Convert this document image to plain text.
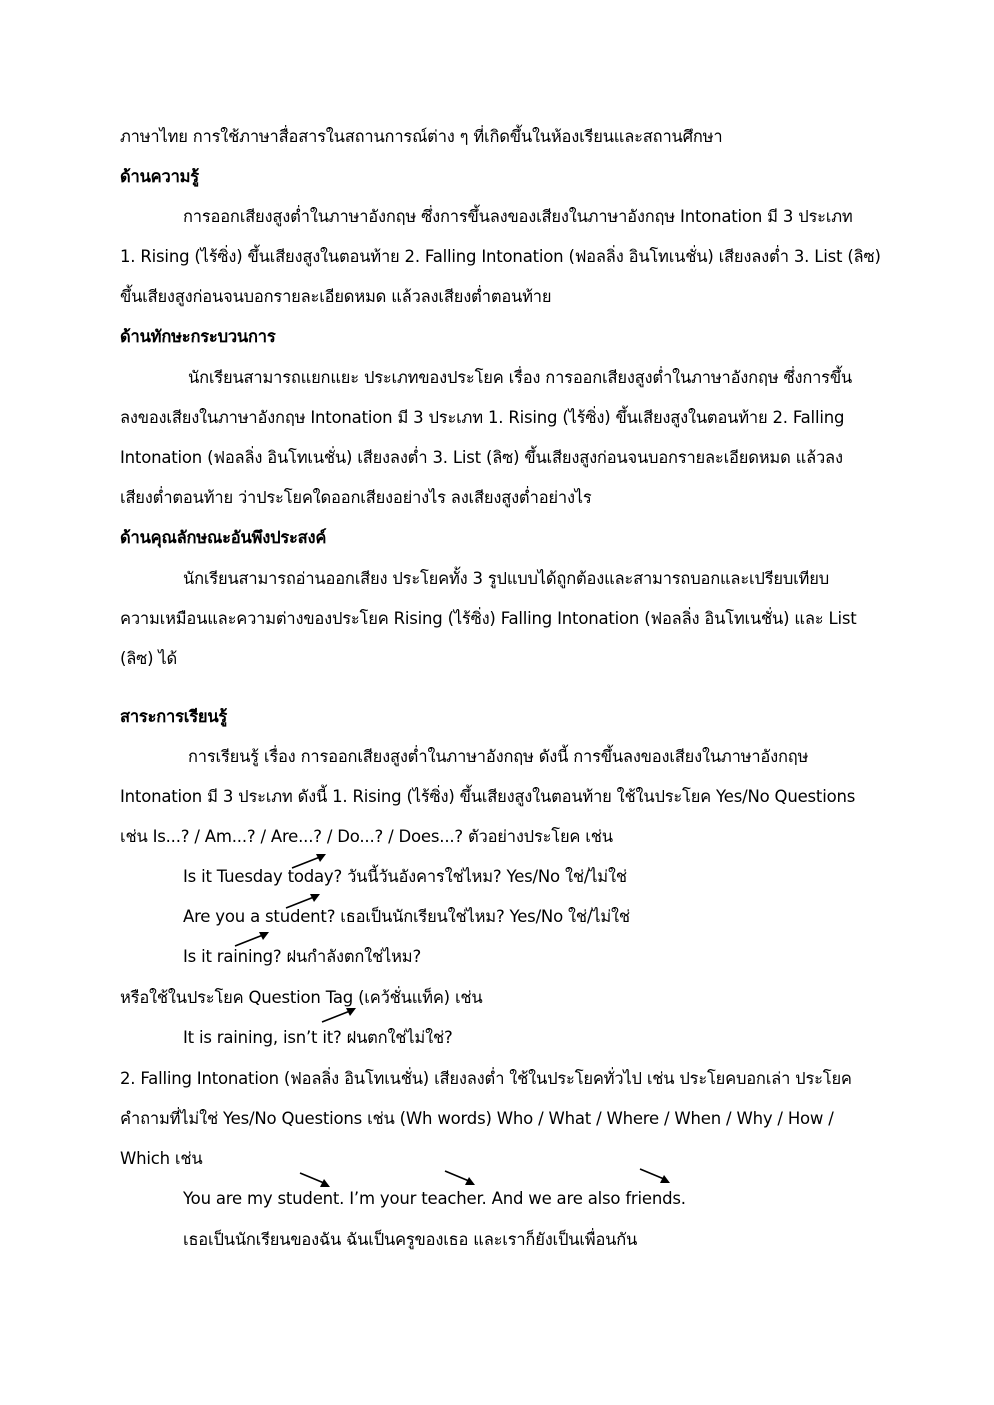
ภาษาไทย การใช้ภาษาสื่อสารในสถานการณ์ต่าง ๆ ที่เกิดขึ้นในห้องเรียนและสถานศึกษา
ด้านความรู้
การออกเสียงสูงต่ำในภาษาอังกฤษ ซึ่งการขึ้นลงของเสียงในภาษาอังกฤษ Intonation มี 3 ประเภท
1. Rising (ไร้ซิ่ง) ขึ้นเสียงสูงในตอนท้าย 2. Falling Intonation (ฟอลลิ่ง อินโทเนชั่น) เสียงลงต่ำ 3. List (ลิซ)
ขึ้นเสียงสูงก่อนจนบอกรายละเอียดหมด แล้วลงเสียงต่ำตอนท้าย
ด้านทักษะกระบวนการ
นักเรียนสามารถแยกแยะ ประเภทของประโยค เรื่อง การออกเสียงสูงต่ำในภาษาอังกฤษ ซึ่งการขึ้น
ลงของเสียงในภาษาอังกฤษ Intonation มี 3 ประเภท 1. Rising (ไร้ซิ่ง) ขึ้นเสียงสูงในตอนท้าย 2. Falling
Intonation (ฟอลลิ่ง อินโทเนชั่น) เสียงลงต่ำ 3. List (ลิซ) ขึ้นเสียงสูงก่อนจนบอกรายละเอียดหมด แล้วลง
เสียงต่ำตอนท้าย ว่าประโยคใดออกเสียงอย่างไร ลงเสียงสูงต่ำอย่างไร
ด้านคุณลักษณะอันพึงประสงค์
นักเรียนสามารถอ่านออกเสียง ประโยคทั้ง 3 รูปแบบได้ถูกต้องและสามารถบอกและเปรียบเทียบ
ความเหมือนและความต่างของประโยค Rising (ไร้ซิ่ง) Falling Intonation (ฟอลลิ่ง อินโทเนชั่น) และ List
(ลิซ) ได้
สาระการเรียนรู้
การเรียนรู้ เรื่อง การออกเสียงสูงต่ำในภาษาอังกฤษ ดังนี้ การขึ้นลงของเสียงในภาษาอังกฤษ
Intonation มี 3 ประเภท ดังนี้ 1. Rising (ไร้ซิ่ง) ขึ้นเสียงสูงในตอนท้าย ใช้ในประโยค Yes/No Questions
เช่น Is...? / Am...? / Are...? / Do...? / Does...? ตัวอย่างประโยค เช่น
Is it Tuesday today? วันนี้วันอังคารใช่ไหม? Yes/No ใช่/ไม่ใช่
Are you a student? เธอเป็นนักเรียนใช่ไหม? Yes/No ใช่/ไม่ใช่
Is it raining? ฝนกำลังตกใช่ไหม?
หรือใช้ในประโยค Question Tag (เคว้ชั่นแท็ค) เช่น
It is raining, isn’t it? ฝนตกใช่ไม่ใช่?
2. Falling Intonation (ฟอลลิ่ง อินโทเนชั่น) เสียงลงต่ำ ใช้ในประโยคทั่วไป เช่น ประโยคบอกเล่า ประโยค
คำถามที่ไม่ใช่ Yes/No Questions เช่น (Wh words) Who / What / Where / When / Why / How /
Which เช่น
You are my student. I’m your teacher. And we are also friends.
เธอเป็นนักเรียนของฉัน ฉันเป็นครูของเธอ และเราก็ยังเป็นเพื่อนกัน
